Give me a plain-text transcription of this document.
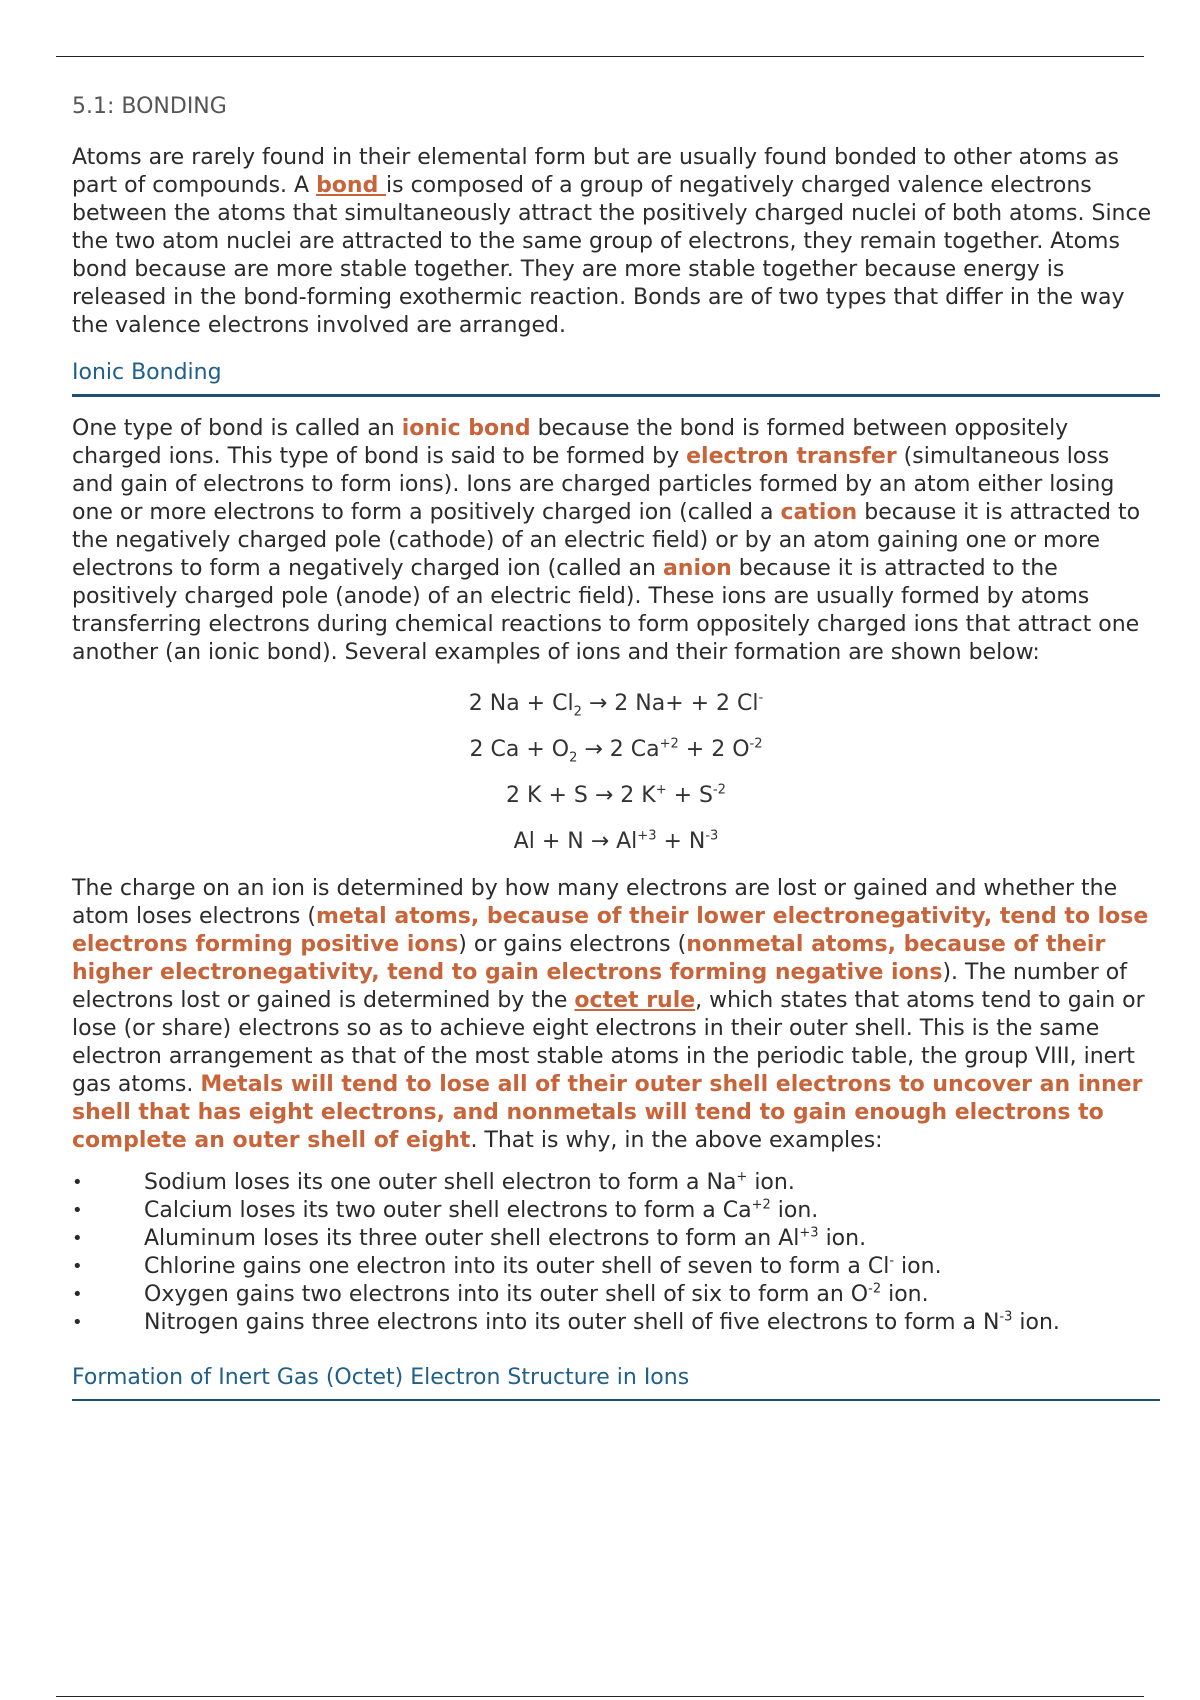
5.1: BONDING

Atoms are rarely found in their elemental form but are usually found bonded to other atoms as part of compounds. A bond is composed of a group of negatively charged valence electrons between the atoms that simultaneously attract the positively charged nuclei of both atoms. Since the two atom nuclei are attracted to the same group of electrons, they remain together. Atoms bond because are more stable together. They are more stable together because energy is released in the bond-forming exothermic reaction. Bonds are of two types that differ in the way the valence electrons involved are arranged.

Ionic Bonding

One type of bond is called an ionic bond because the bond is formed between oppositely charged ions. This type of bond is said to be formed by electron transfer (simultaneous loss and gain of electrons to form ions). Ions are charged particles formed by an atom either losing one or more electrons to form a positively charged ion (called a cation because it is attracted to the negatively charged pole (cathode) of an electric field) or by an atom gaining one or more electrons to form a negatively charged ion (called an anion because it is attracted to the positively charged pole (anode) of an electric field). These ions are usually formed by atoms transferring electrons during chemical reactions to form oppositely charged ions that attract one another (an ionic bond). Several examples of ions and their formation are shown below:

2 $Na + Cl_2 \to 2$ Na+ + 2 Cl-
2 $Ca + O_2 \to 2$ $Ca^{+2} + 2$ $O^{-2}$
2 K + S → 2 $K^+ + S^{-2}$
$Al + N \to Al^{+3} + N^{-3}$

The charge on an ion is determined by how many electrons are lost or gained and whether the atom loses electrons (metal atoms, because of their lower electronegativity, tend to lose electrons forming positive ions) or gains electrons (nonmetal atoms, because of their higher electronegativity, tend to gain electrons forming negative ions). The number of electrons lost or gained is determined by the octet rule, which states that atoms tend to gain or lose (or share) electrons so as to achieve eight electrons in their outer shell. This is the same electron arrangement as that of the most stable atoms in the periodic table, the group VIII, inert gas atoms. Metals will tend to lose all of their outer shell electrons to uncover an inner shell that has eight electrons, and nonmetals will tend to gain enough electrons to complete an outer shell of eight. That is why, in the above examples:

• Sodium loses its one outer shell electron to form a Na+ ion.
• Calcium loses its two outer shell electrons to form a $Ca^{+2}$ ion.
• Aluminum loses its three outer shell electrons to form an $Al^{+3}$ ion.
• Chlorine gains one electron into its outer shell of seven to form a Cl- ion.
• Oxygen gains two electrons into its outer shell of six to form an $O^{-2}$ ion.
• Nitrogen gains three electrons into its outer shell of five electrons to form a $N^{-3}$ ion.
Formation of Inert Gas (Octet) Electron Structure in Ions
